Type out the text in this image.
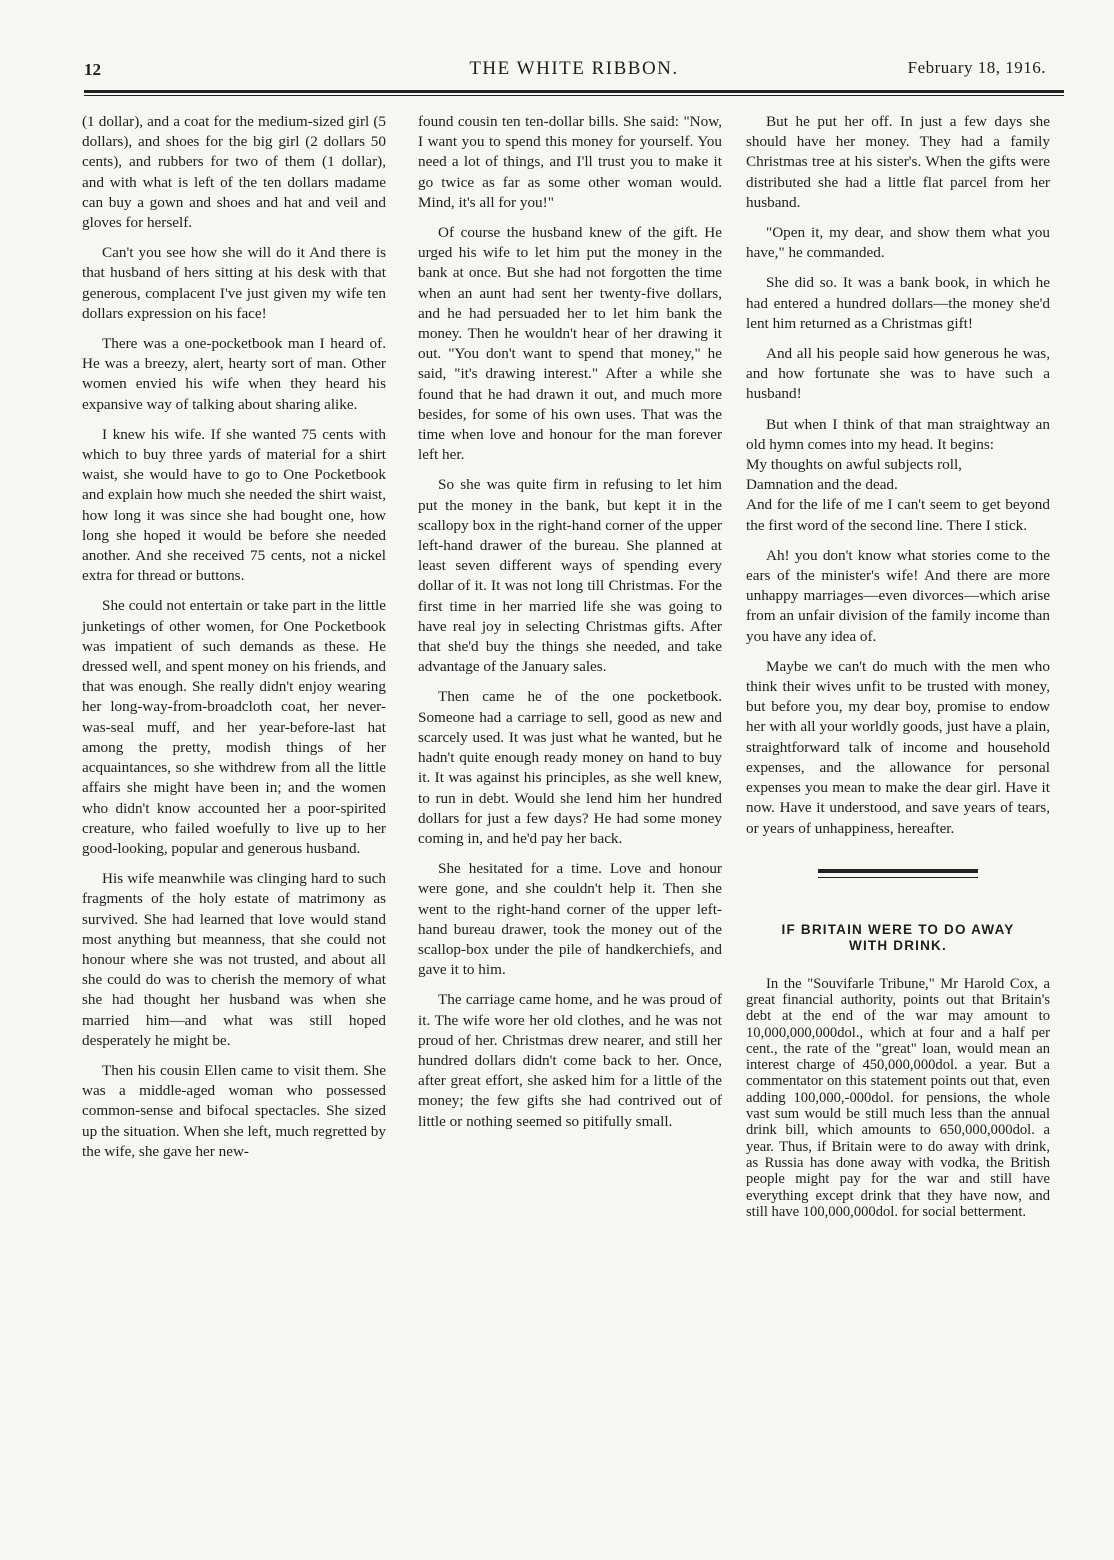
12	THE WHITE RIBBON.	February 18, 1916.

(1 dollar), and a coat for the medium-sized girl (5 dollars), and shoes for the big girl (2 dollars 50 cents), and rubbers for two of them (1 dollar), and with what is left of the ten dollars madame can buy a gown and shoes and hat and veil and gloves for herself.

Can't you see how she will do it And there is that husband of hers sitting at his desk with that generous, complacent I've just given my wife ten dollars expression on his face!

There was a one-pocketbook man I heard of. He was a breezy, alert, hearty sort of man. Other women envied his wife when they heard his expansive way of talking about sharing alike.

I knew his wife. If she wanted 75 cents with which to buy three yards of material for a shirt waist, she would have to go to One Pocketbook and explain how much she needed the shirt waist, how long it was since she had bought one, how long she hoped it would be before she needed another. And she received 75 cents, not a nickel extra for thread or buttons.

She could not entertain or take part in the little junketings of other women, for One Pocketbook was impatient of such demands as these. He dressed well, and spent money on his friends, and that was enough. She really didn't enjoy wearing her long-way-from-broadcloth coat, her never-was-seal muff, and her year-before-last hat among the pretty, modish things of her acquaintances, so she withdrew from all the little affairs she might have been in; and the women who didn't know accounted her a poor-spirited creature, who failed woefully to live up to her good-looking, popular and generous husband.

His wife meanwhile was clinging hard to such fragments of the holy estate of matrimony as survived. She had learned that love would stand most anything but meanness, that she could not honour where she was not trusted, and about all she could do was to cherish the memory of what she had thought her husband was when she married him—and what was still hoped desperately he might be.

Then his cousin Ellen came to visit them. She was a middle-aged woman who possessed common-sense and bifocal spectacles. She sized up the situation. When she left, much regretted by the wife, she gave her new-

found cousin ten ten-dollar bills. She said: "Now, I want you to spend this money for yourself. You need a lot of things, and I'll trust you to make it go twice as far as some other woman would. Mind, it's all for you!"

Of course the husband knew of the gift. He urged his wife to let him put the money in the bank at once. But she had not forgotten the time when an aunt had sent her twenty-five dollars, and he had persuaded her to let him bank the money. Then he wouldn't hear of her drawing it out. "You don't want to spend that money," he said, "it's drawing interest." After a while she found that he had drawn it out, and much more besides, for some of his own uses. That was the time when love and honour for the man forever left her.

So she was quite firm in refusing to let him put the money in the bank, but kept it in the scallopy box in the right-hand corner of the upper left-hand drawer of the bureau. She planned at least seven different ways of spending every dollar of it. It was not long till Christmas. For the first time in her married life she was going to have real joy in selecting Christmas gifts. After that she'd buy the things she needed, and take advantage of the January sales.

Then came he of the one pocketbook. Someone had a carriage to sell, good as new and scarcely used. It was just what he wanted, but he hadn't quite enough ready money on hand to buy it. It was against his principles, as she well knew, to run in debt. Would she lend him her hundred dollars for just a few days? He had some money coming in, and he'd pay her back.

She hesitated for a time. Love and honour were gone, and she couldn't help it. Then she went to the right-hand corner of the upper left-hand bureau drawer, took the money out of the scallop-box under the pile of handkerchiefs, and gave it to him.

The carriage came home, and he was proud of it. The wife wore her old clothes, and he was not proud of her. Christmas drew nearer, and still her hundred dollars didn't come back to her. Once, after great effort, she asked him for a little of the money; the few gifts she had contrived out of little or nothing seemed so pitifully small.

But he put her off. In just a few days she should have her money. They had a family Christmas tree at his sister's. When the gifts were distributed she had a little flat parcel from her husband.

"Open it, my dear, and show them what you have," he commanded.

She did so. It was a bank book, in which he had entered a hundred dollars—the money she'd lent him returned as a Christmas gift!

And all his people said how generous he was, and how fortunate she was to have such a husband!

But when I think of that man straightway an old hymn comes into my head. It begins:

My thoughts on awful subjects roll,

Damnation and the dead.

And for the life of me I can't seem to get beyond the first word of the second line. There I stick.

Ah! you don't know what stories come to the ears of the minister's wife! And there are more unhappy marriages—even divorces—which arise from an unfair division of the family income than you have any idea of.

Maybe we can't do much with the men who think their wives unfit to be trusted with money, but before you, my dear boy, promise to endow her with all your worldly goods, just have a plain, straightforward talk of income and household expenses, and the allowance for personal expenses you mean to make the dear girl. Have it now. Have it understood, and save years of tears, or years of unhappiness, hereafter.

IF BRITAIN WERE TO DO AWAY
WITH DRINK.

In the "Souvifarle Tribune," Mr Harold Cox, a great financial authority, points out that Britain's debt at the end of the war may amount to 10,000,000,000dol., which at four and a half per cent., the rate of the "great" loan, would mean an interest charge of 450,000,000dol. a year. But a commentator on this statement points out that, even adding 100,000,-000dol. for pensions, the whole vast sum would be still much less than the annual drink bill, which amounts to 650,000,000dol. a year. Thus, if Britain were to do away with drink, as Russia has done away with vodka, the British people might pay for the war and still have everything except drink that they have now, and still have 100,000,000dol. for social betterment.
